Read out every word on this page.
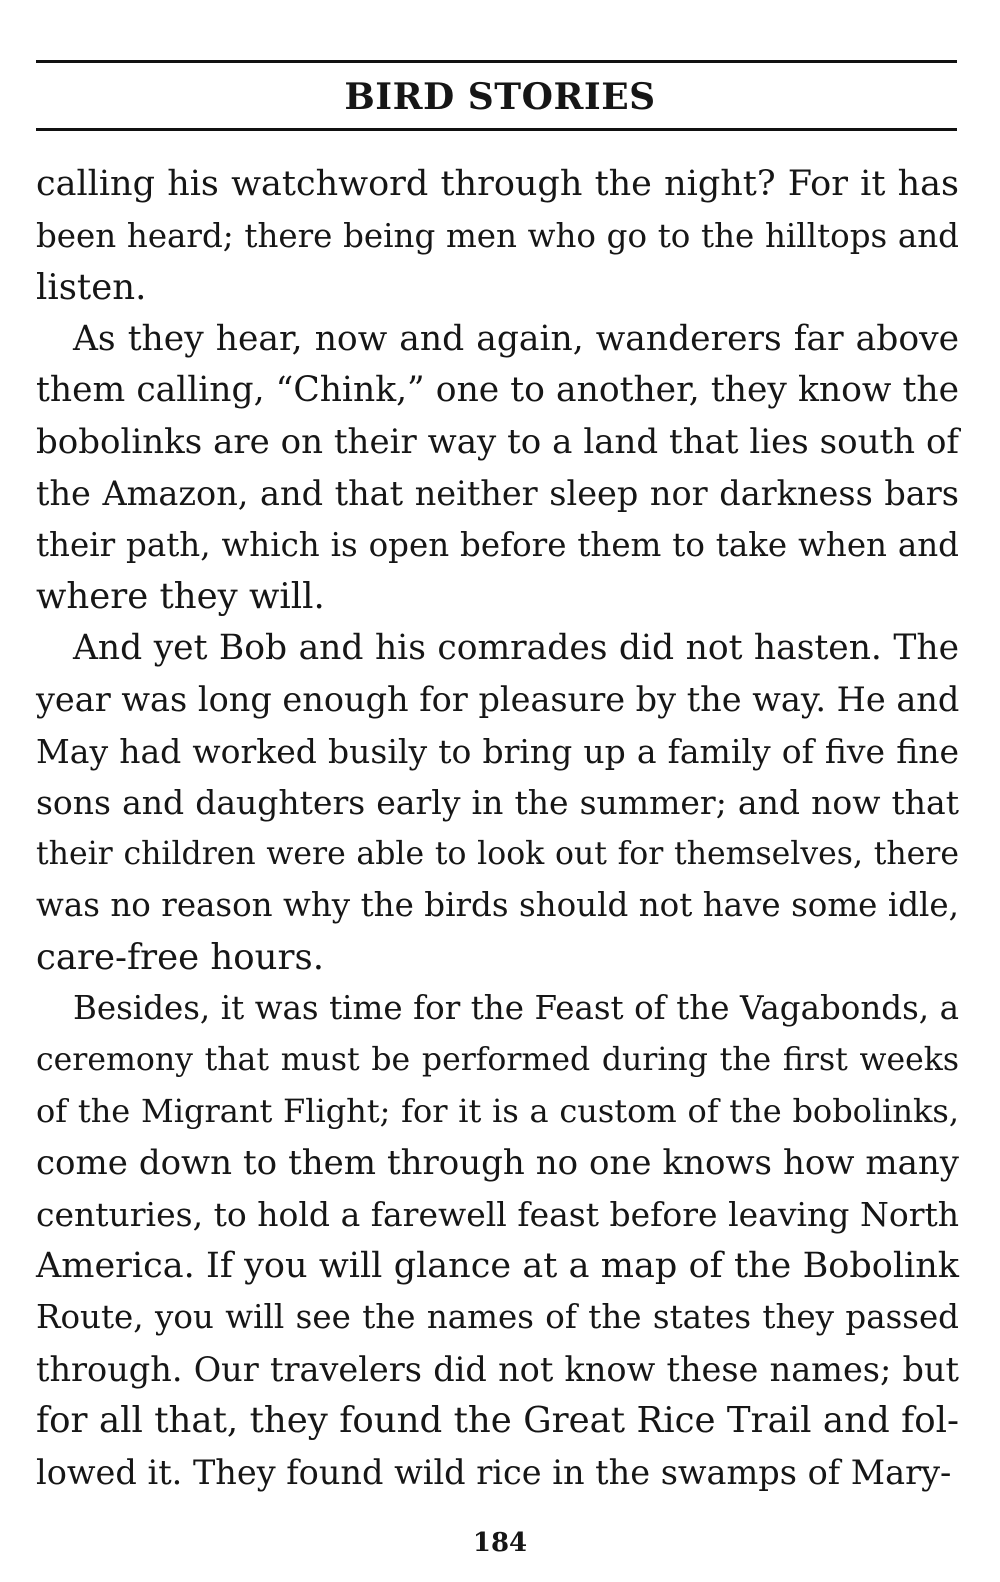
BIRD STORIES
calling his watchword through the night? For it has
been heard; there being men who go to the hilltops and
listen.
As they hear, now and again, wanderers far above
them calling, “Chink,” one to another, they know the
bobolinks are on their way to a land that lies south of
the Amazon, and that neither sleep nor darkness bars
their path, which is open before them to take when and
where they will.
And yet Bob and his comrades did not hasten. The
year was long enough for pleasure by the way. He and
May had worked busily to bring up a family of five fine
sons and daughters early in the summer; and now that
their children were able to look out for themselves, there
was no reason why the birds should not have some idle,
care-free hours.
Besides, it was time for the Feast of the Vagabonds, a
ceremony that must be performed during the first weeks
of the Migrant Flight; for it is a custom of the bobolinks,
come down to them through no one knows how many
centuries, to hold a farewell feast before leaving North
America. If you will glance at a map of the Bobolink
Route, you will see the names of the states they passed
through. Our travelers did not know these names; but
for all that, they found the Great Rice Trail and fol-
lowed it. They found wild rice in the swamps of Mary-
184
